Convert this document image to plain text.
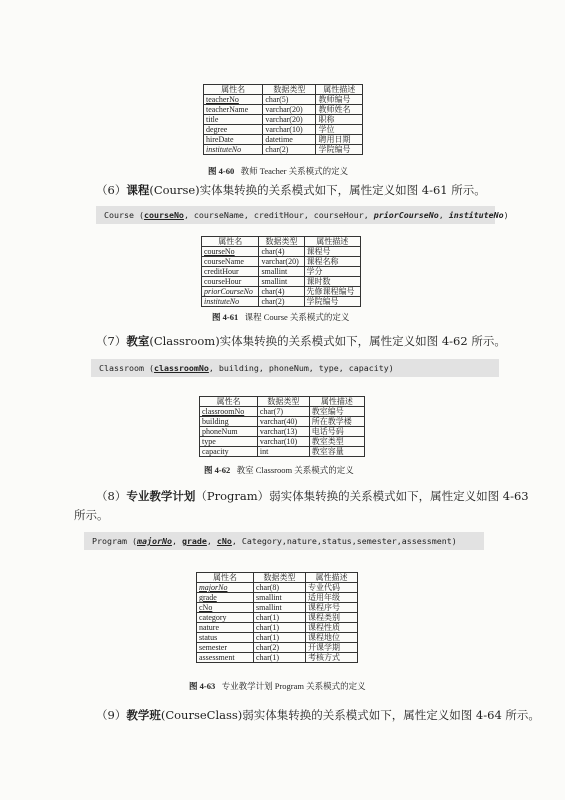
属性名	数据类型	属性描述
teacherNo	char(5)	教师编号
teacherName	varchar(20)	教师姓名
title	varchar(20)	职称
degree	varchar(10)	学位
hireDate	datetime	聘用日期
instituteNo	char(2)	学院编号
图 4-60 教师 Teacher 关系模式的定义
（6）课程(Course)实体集转换的关系模式如下，属性定义如图 4-61 所示。
Course (courseNo, courseName, creditHour, courseHour, priorCourseNo, instituteNo)
属性名	数据类型	属性描述
courseNo	char(4)	课程号
courseName	varchar(20)	课程名称
creditHour	smallint	学分
courseHour	smallint	课时数
priorCourseNo	char(4)	先修课程编号
instituteNo	char(2)	学院编号
图 4-61 课程 Course 关系模式的定义
（7）教室(Classroom)实体集转换的关系模式如下，属性定义如图 4-62 所示。
Classroom (classroomNo, building, phoneNum, type, capacity)
属性名	数据类型	属性描述
classroomNo	char(7)	教室编号
building	varchar(40)	所在教学楼
phoneNum	varchar(13)	电话号码
type	varchar(10)	教室类型
capacity	int	教室容量
图 4-62 教室 Classroom 关系模式的定义
（8）专业教学计划（Program）弱实体集转换的关系模式如下，属性定义如图 4-63
所示。
Program (majorNo, grade, cNo, Category,nature,status,semester,assessment)
属性名	数据类型	属性描述
majorNo	char(8)	专业代码
grade	smallint	适用年级
cNo	smallint	课程序号
category	char(1)	课程类别
nature	char(1)	课程性质
status	char(1)	课程地位
semester	char(2)	开课学期
assessment	char(1)	考核方式
图 4-63 专业教学计划 Program 关系模式的定义
（9）教学班(CourseClass)弱实体集转换的关系模式如下，属性定义如图 4-64 所示。
